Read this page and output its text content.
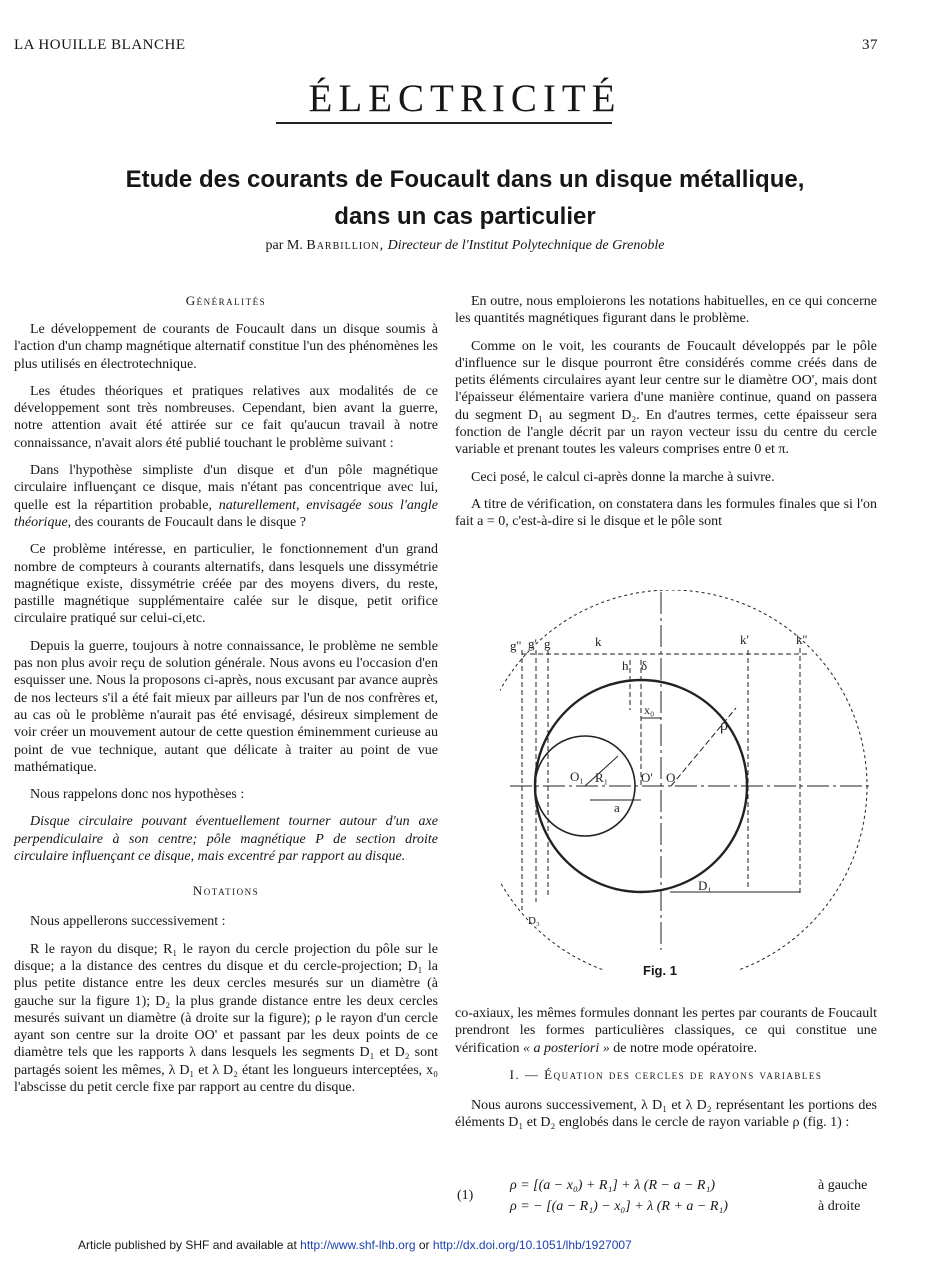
LA HOUILLE BLANCHE	37
ÉLECTRICITÉ
Etude des courants de Foucault dans un disque métallique,
dans un cas particulier
par M. Barbillion, Directeur de l'Institut Polytechnique de Grenoble
Généralités

Le développement de courants de Foucault dans un disque soumis à l'action d'un champ magnétique alternatif constitue l'un des phénomènes les plus utilisés en électrotechnique.

Les études théoriques et pratiques relatives aux modalités de ce développement sont très nombreuses. Cependant, bien avant la guerre, notre attention avait été attirée sur ce fait qu'aucun travail à notre connaissance, n'avait alors été publié touchant le problème suivant :

Dans l'hypothèse simpliste d'un disque et d'un pôle magnétique circulaire influençant ce disque, mais n'étant pas concentrique avec lui, quelle est la répartition probable, naturellement, envisagée sous l'angle théorique, des courants de Foucault dans le disque ?

Ce problème intéresse, en particulier, le fonctionnement d'un grand nombre de compteurs à courants alternatifs, dans lesquels une dissymétrie magnétique existe, dissymétrie créée par des moyens divers, du reste, pastille magnétique supplémentaire calée sur le disque, petit orifice circulaire pratiqué sur celui-ci,etc.

Depuis la guerre, toujours à notre connaissance, le problème ne semble pas non plus avoir reçu de solution générale. Nous avons eu l'occasion d'en esquisser une. Nous la proposons ci-après, nous excusant par avance auprès de nos lecteurs s'il a été fait mieux par ailleurs par l'un de nos confrères et, au cas où le problème n'aurait pas été envisagé, désireux simplement de voir créer un mouvement autour de cette question éminemment curieuse au point de vue technique, autant que délicate à traiter au point de vue mathématique.

Nous rappelons donc nos hypothèses :

Disque circulaire pouvant éventuellement tourner autour d'un axe perpendiculaire à son centre; pôle magnétique P de section droite circulaire influençant ce disque, mais excentré par rapport au disque.

Notations

Nous appellerons successivement :

R le rayon du disque; R₁ le rayon du cercle projection du pôle sur le disque; a la distance des centres du disque et du cercle-projection; D₁ la plus petite distance entre les deux cercles mesurés sur un diamètre (à gauche sur la figure 1); D₂ la plus grande distance entre les deux cercles mesurés suivant un diamètre (à droite sur la figure); ρ le rayon d'un cercle ayant son centre sur la droite OO' et passant par les deux points de ce diamètre tels que les rapports λ dans lesquels les segments D₁ et D₂ sont partagés soient les mêmes, λ D₁ et λ D₂ étant les longueurs interceptées, x₀ l'abscisse du petit cercle fixe par rapport au centre du disque.

En outre, nous emploierons les notations habituelles, en ce qui concerne les quantités magnétiques figurant dans le problème.

Comme on le voit, les courants de Foucault développés par le pôle d'influence sur le disque pourront être considérés comme créés dans de petits éléments circulaires ayant leur centre sur le diamètre OO', mais dont l'épaisseur élémentaire variera d'une manière continue, quand on passera du segment D₁ au segment D₂. En d'autres termes, cette épaisseur sera fonction de l'angle décrit par un rayon vecteur issu du centre du cercle variable et prenant toutes les valeurs comprises entre 0 et π.

Ceci posé, le calcul ci-après donne la marche à suivre.

A titre de vérification, on constatera dans les formules finales que si l'on fait a = 0, c'est-à-dire si le disque et le pôle sont

g'' g' g	k	k'	k''
h δ
x₀
ρ
O₁ R₁	O' O
a
D₁
D₃
Fig. 1

co-axiaux, les mêmes formules donnant les pertes par courants de Foucault prendront les formes particulières classiques, ce qui constitue une vérification « a posteriori » de notre mode opératoire.

I. — Équation des cercles de rayons variables

Nous aurons successivement, λ D₁ et λ D₂ représentant les portions des éléments D₁ et D₂ englobés dans le cercle de rayon variable ρ (fig. 1) :

(1)
ρ = [(a − x₀) + R₁] + λ (R − a − R₁)	à gauche
ρ = − [(a − R₁) − x₀] + λ (R + a − R₁)	à droite
Article published by SHF and available at http://www.shf-lhb.org or http://dx.doi.org/10.1051/lhb/1927007
